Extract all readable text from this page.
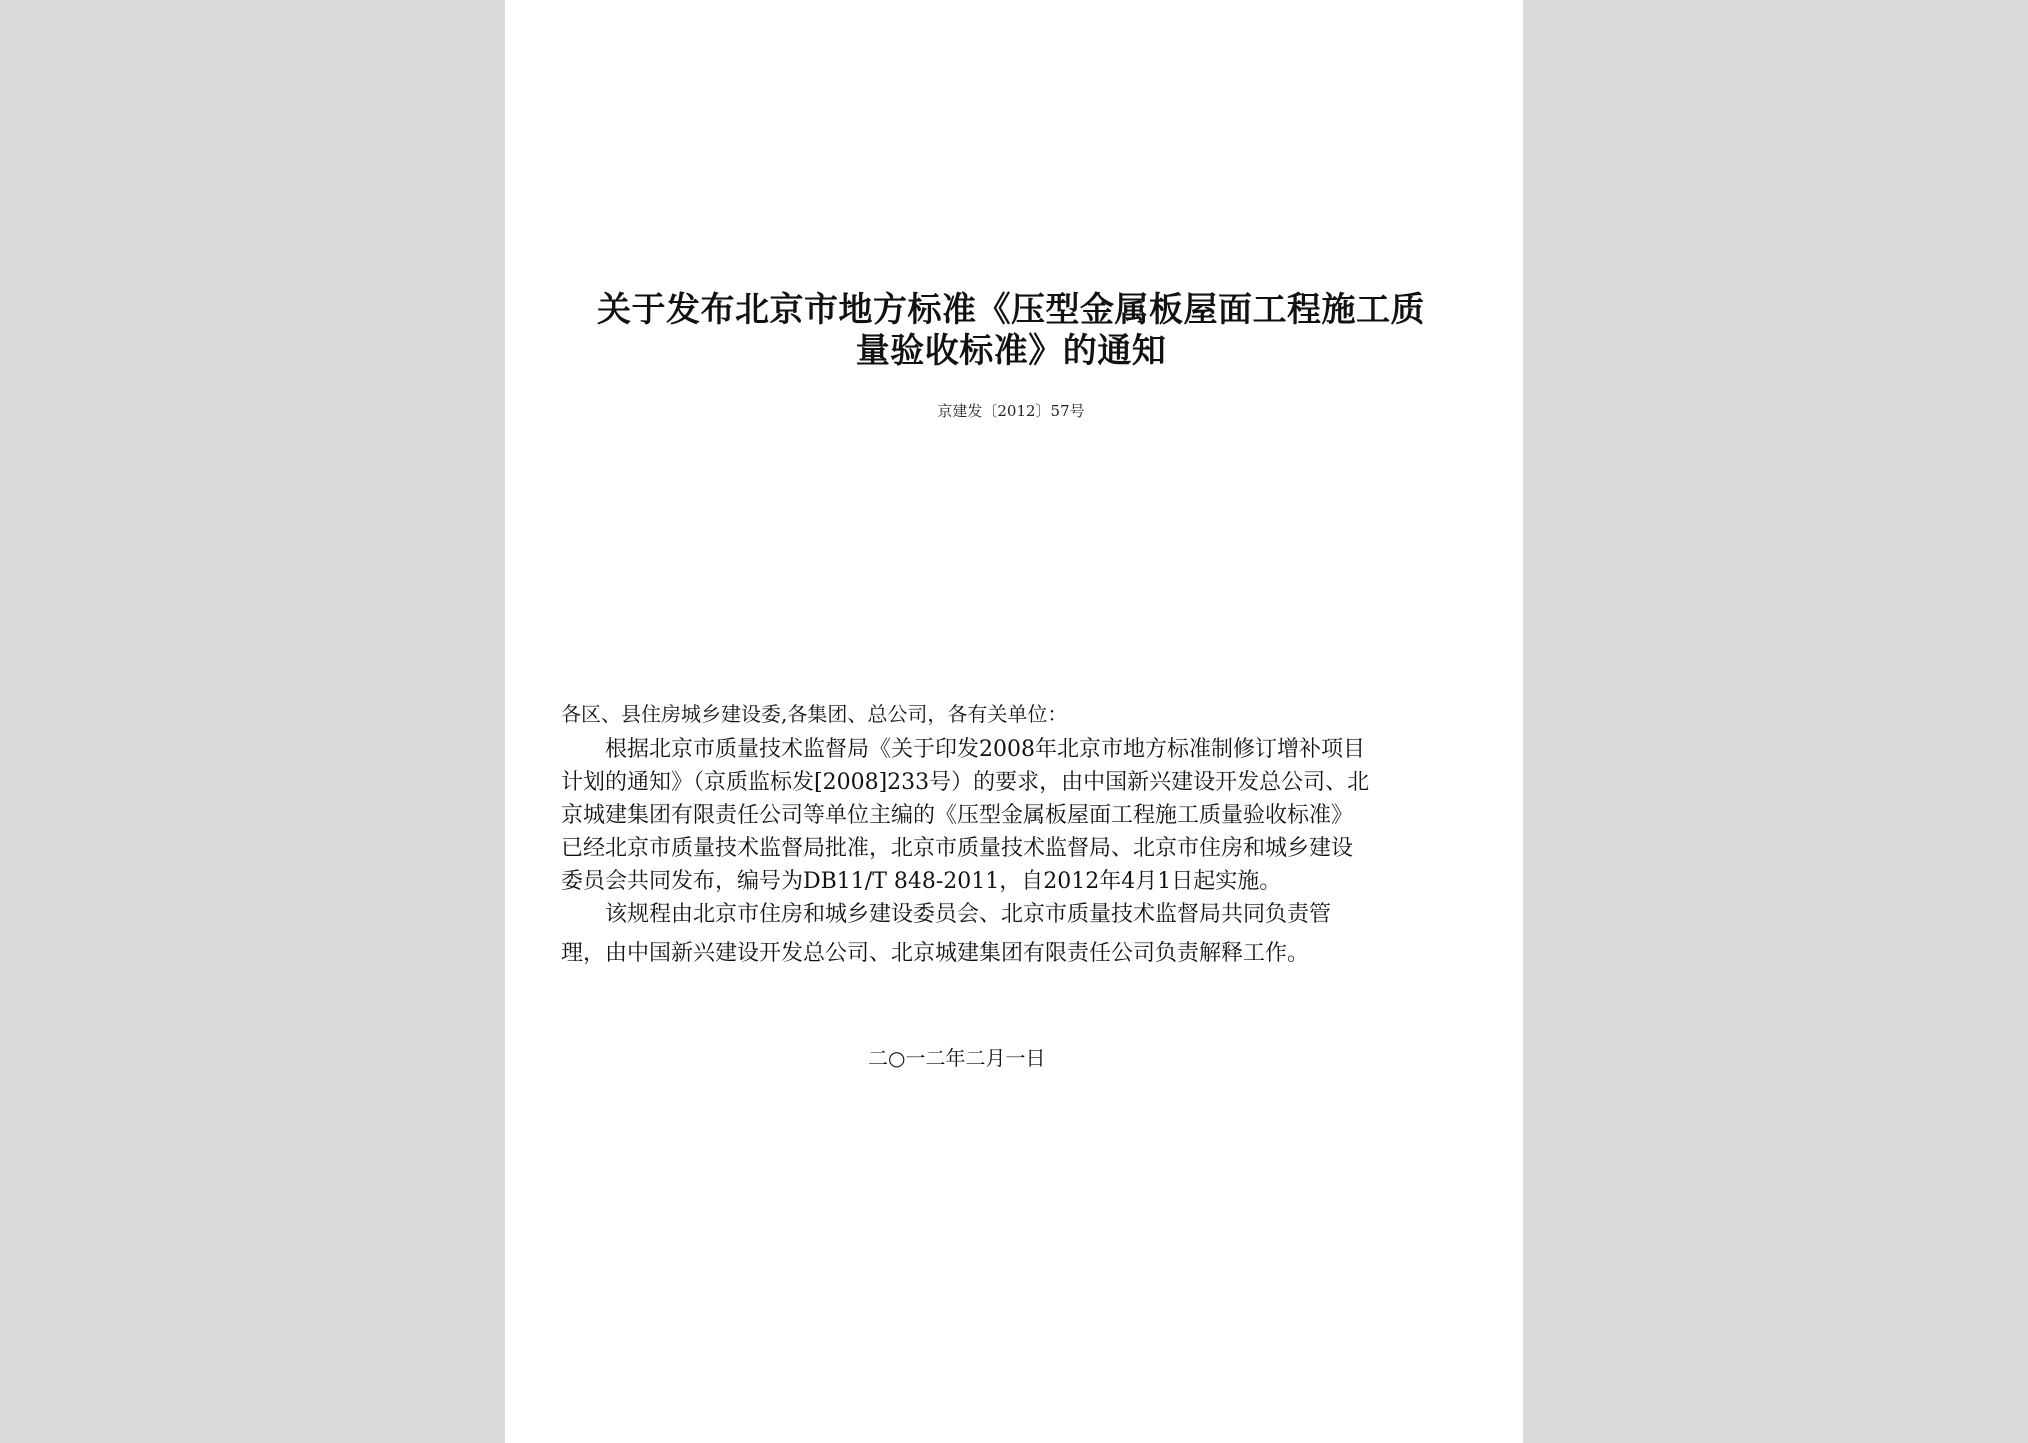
关于发布北京市地方标准《压型金属板屋面工程施工质
量验收标准》的通知
京建发〔2012〕57号
各区、县住房城乡建设委,各集团、总公司，各有关单位：
根据北京市质量技术监督局《关于印发2008年北京市地方标准制修订增补项目
计划的通知》（京质监标发[2008]233号）的要求，由中国新兴建设开发总公司、北
京城建集团有限责任公司等单位主编的《压型金属板屋面工程施工质量验收标准》
已经北京市质量技术监督局批准，北京市质量技术监督局、北京市住房和城乡建设
委员会共同发布，编号为DB11/T 848-2011，自2012年4月1日起实施。
该规程由北京市住房和城乡建设委员会、北京市质量技术监督局共同负责管
理，由中国新兴建设开发总公司、北京城建集团有限责任公司负责解释工作。
二○一二年二月一日
